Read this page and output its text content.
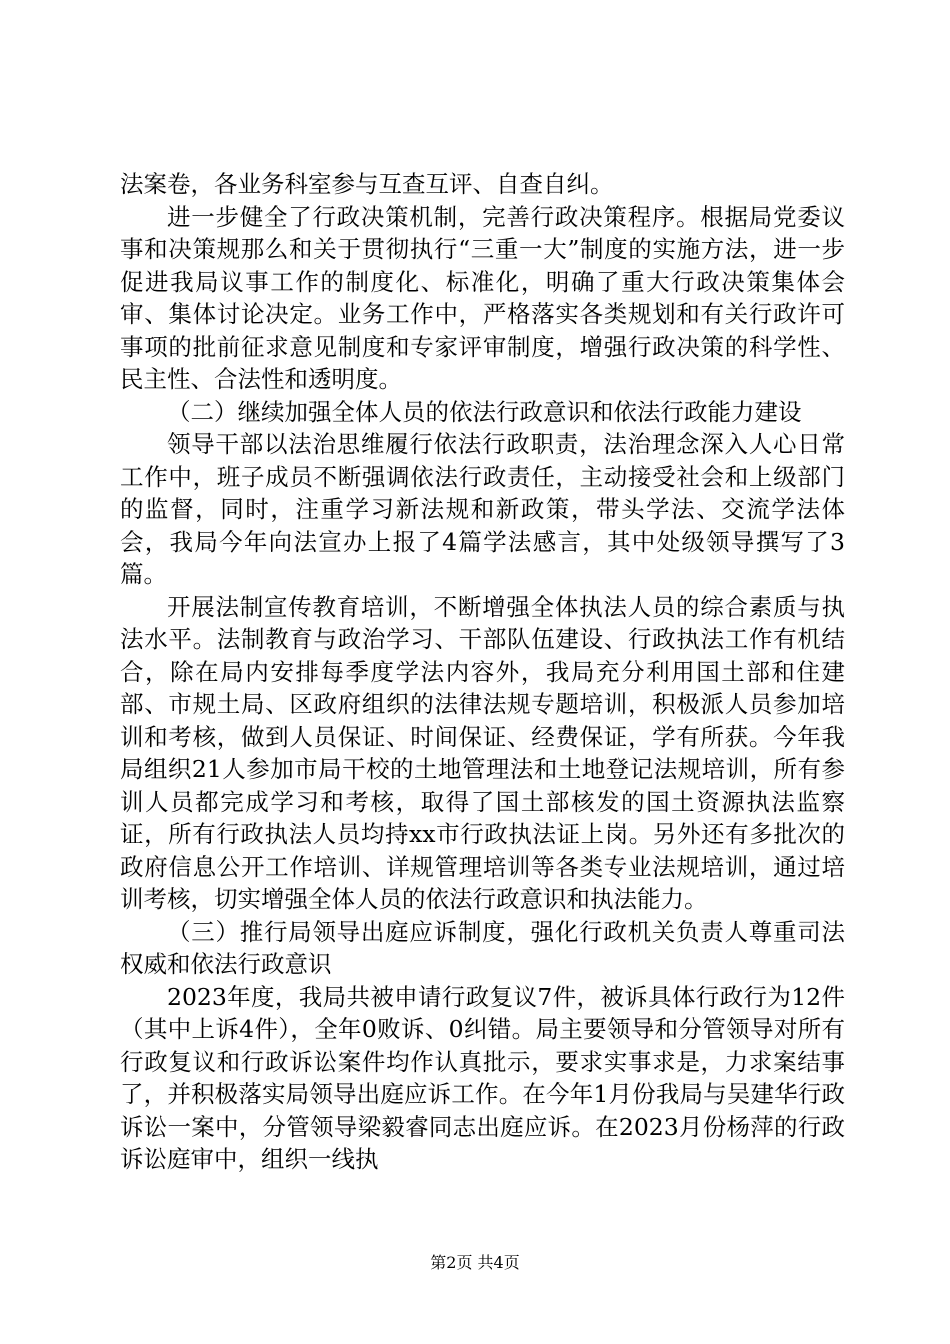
法案卷，各业务科室参与互查互评、自查自纠。

进一步健全了行政决策机制，完善行政决策程序。根据局党委议事和决策规那么和关于贯彻执行“三重一大”制度的实施方法，进一步促进我局议事工作的制度化、标准化，明确了重大行政决策集体会审、集体讨论决定。业务工作中，严格落实各类规划和有关行政许可事项的批前征求意见制度和专家评审制度，增强行政决策的科学性、民主性、合法性和透明度。

（二）继续加强全体人员的依法行政意识和依法行政能力建设

领导干部以法治思维履行依法行政职责，法治理念深入人心日常工作中，班子成员不断强调依法行政责任，主动接受社会和上级部门的监督，同时，注重学习新法规和新政策，带头学法、交流学法体会，我局今年向法宣办上报了4篇学法感言，其中处级领导撰写了3篇。

开展法制宣传教育培训，不断增强全体执法人员的综合素质与执法水平。法制教育与政治学习、干部队伍建设、行政执法工作有机结合，除在局内安排每季度学法内容外，我局充分利用国土部和住建部、市规土局、区政府组织的法律法规专题培训，积极派人员参加培训和考核，做到人员保证、时间保证、经费保证，学有所获。今年我局组织21人参加市局干校的土地管理法和土地登记法规培训，所有参训人员都完成学习和考核，取得了国土部核发的国土资源执法监察证，所有行政执法人员均持xx市行政执法证上岗。另外还有多批次的政府信息公开工作培训、详规管理培训等各类专业法规培训，通过培训考核，切实增强全体人员的依法行政意识和执法能力。

（三）推行局领导出庭应诉制度，强化行政机关负责人尊重司法权威和依法行政意识

2023年度，我局共被申请行政复议7件，被诉具体行政行为12件（其中上诉4件），全年0败诉、0纠错。局主要领导和分管领导对所有行政复议和行政诉讼案件均作认真批示，要求实事求是，力求案结事了，并积极落实局领导出庭应诉工作。在今年1月份我局与吴建华行政诉讼一案中，分管领导梁毅睿同志出庭应诉。在2023月份杨萍的行政诉讼庭审中，组织一线执

第2页 共4页
